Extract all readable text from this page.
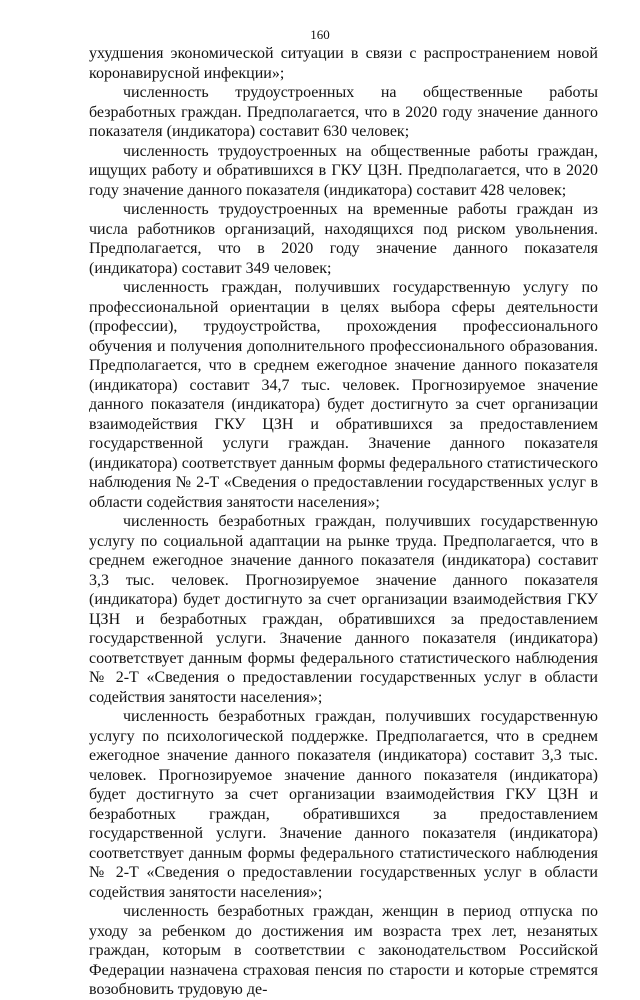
160

ухудшения экономической ситуации в связи с распространением новой коронавирусной инфекции»;

численность трудоустроенных на общественные работы безработных граждан. Предполагается, что в 2020 году значение данного показателя (индикатора) составит 630 человек;

численность трудоустроенных на общественные работы граждан, ищущих работу и обратившихся в ГКУ ЦЗН. Предполагается, что в 2020 году значение данного показателя (индикатора) составит 428 человек;

численность трудоустроенных на временные работы граждан из числа работников организаций, находящихся под риском увольнения. Предполагается, что в 2020 году значение данного показателя (индикатора) составит 349 человек;

численность граждан, получивших государственную услугу по профессиональной ориентации в целях выбора сферы деятельности (профессии), трудоустройства, прохождения профессионального обучения и получения дополнительного профессионального образования. Предполагается, что в среднем ежегодное значение данного показателя (индикатора) составит 34,7 тыс. человек. Прогнозируемое значение данного показателя (индикатора) будет достигнуто за счет организации взаимодействия ГКУ ЦЗН и обратившихся за предоставлением государственной услуги граждан. Значение данного показателя (индикатора) соответствует данным формы федерального статистического наблюдения № 2-Т «Сведения о предоставлении государственных услуг в области содействия занятости населения»;

численность безработных граждан, получивших государственную услугу по социальной адаптации на рынке труда. Предполагается, что в среднем ежегодное значение данного показателя (индикатора) составит 3,3 тыс. человек. Прогнозируемое значение данного показателя (индикатора) будет достигнуто за счет организации взаимодействия ГКУ ЦЗН и безработных граждан, обратившихся за предоставлением государственной услуги. Значение данного показателя (индикатора) соответствует данным формы федерального статистического наблюдения № 2-Т «Сведения о предоставлении государственных услуг в области содействия занятости населения»;

численность безработных граждан, получивших государственную услугу по психологической поддержке. Предполагается, что в среднем ежегодное значение данного показателя (индикатора) составит 3,3 тыс. человек. Прогнозируемое значение данного показателя (индикатора) будет достигнуто за счет организации взаимодействия ГКУ ЦЗН и безработных граждан, обратившихся за предоставлением государственной услуги. Значение данного показателя (индикатора) соответствует данным формы федерального статистического наблюдения № 2-Т «Сведения о предоставлении государственных услуг в области содействия занятости населения»;

численность безработных граждан, женщин в период отпуска по уходу за ребенком до достижения им возраста трех лет, незанятых граждан, которым в соответствии с законодательством Российской Федерации назначена страховая пенсия по старости и которые стремятся возобновить трудовую де-
